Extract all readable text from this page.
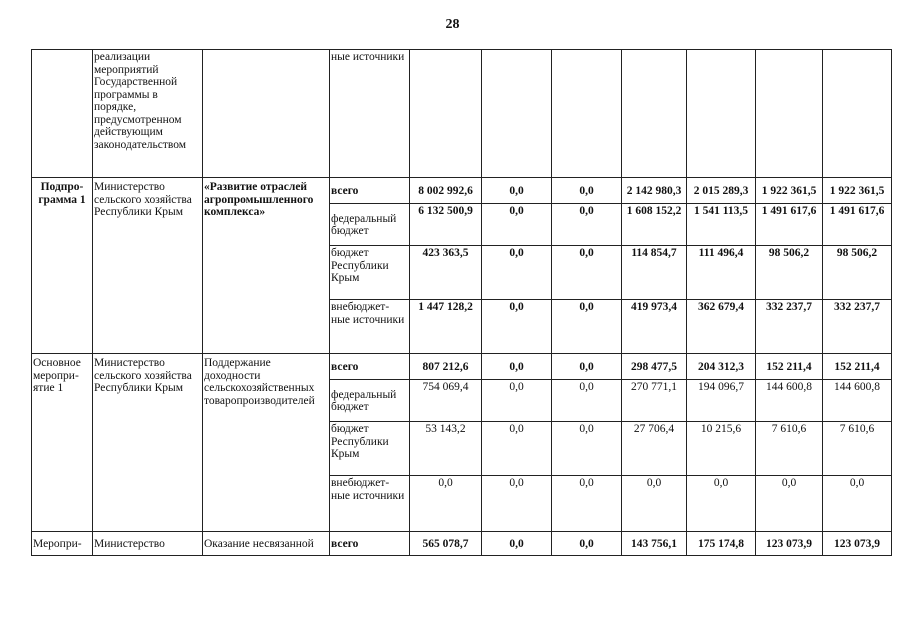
28
	реализации мероприятий Государственной программы в порядке, предусмотренном действующим законодательством		ные источники							
Подпро-грамма 1	Министерство сельского хозяйства Республики Крым	«Развитие отраслей агропромышленного комплекса»	всего	8 002 992,6	0,0	0,0	2 142 980,3	2 015 289,3	1 922 361,5	1 922 361,5
			федеральный бюджет	6 132 500,9	0,0	0,0	1 608 152,2	1 541 113,5	1 491 617,6	1 491 617,6
			бюджет Республики Крым	423 363,5	0,0	0,0	114 854,7	111 496,4	98 506,2	98 506,2
			внебюджет-ные источники	1 447 128,2	0,0	0,0	419 973,4	362 679,4	332 237,7	332 237,7
Основное меропри-ятие 1	Министерство сельского хозяйства Республики Крым	Поддержание доходности сельскохозяйственных товаропроизводителей	всего	807 212,6	0,0	0,0	298 477,5	204 312,3	152 211,4	152 211,4
			федеральный бюджет	754 069,4	0,0	0,0	270 771,1	194 096,7	144 600,8	144 600,8
			бюджет Республики Крым	53 143,2	0,0	0,0	27 706,4	10 215,6	7 610,6	7 610,6
			внебюджет-ные источники	0,0	0,0	0,0	0,0	0,0	0,0	0,0
Меропри-	Министерство	Оказание несвязанной	всего	565 078,7	0,0	0,0	143 756,1	175 174,8	123 073,9	123 073,9
